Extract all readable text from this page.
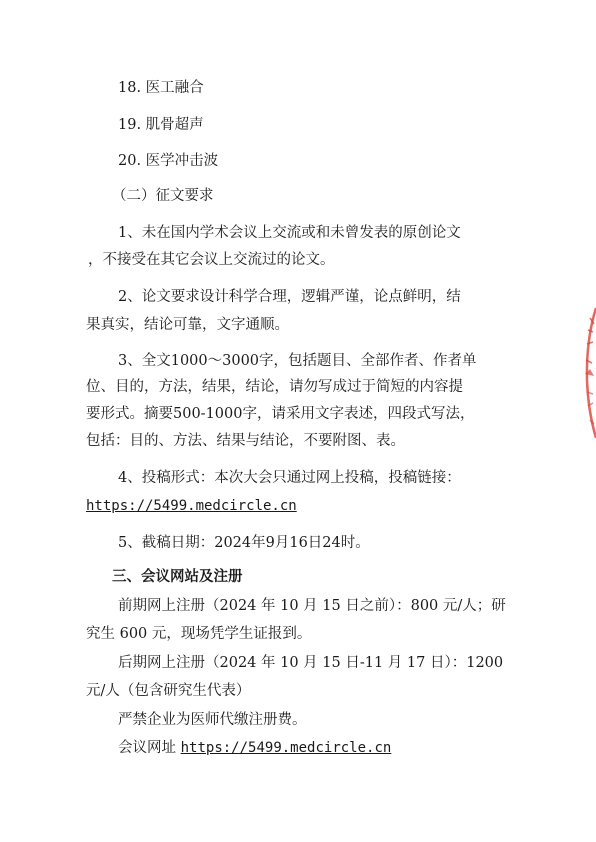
18. 医工融合
19. 肌骨超声
20. 医学冲击波
（二）征文要求
1、未在国内学术会议上交流或和未曾发表的原创论文
，不接受在其它会议上交流过的论文。
2、论文要求设计科学合理，逻辑严谨，论点鲜明，结
果真实，结论可靠，文字通顺。
3、全文1000～3000字，包括题目、全部作者、作者单
位、目的，方法，结果，结论，请勿写成过于简短的内容提
要形式。摘要500-1000字，请采用文字表述，四段式写法，
包括：目的、方法、结果与结论，不要附图、表。
4、投稿形式：本次大会只通过网上投稿，投稿链接：
https://5499.medcircle.cn
5、截稿日期：2024年9月16日24时。
三、会议网站及注册
前期网上注册（2024 年 10 月 15 日之前）：800 元/人；研
究生 600 元，现场凭学生证报到。
后期网上注册（2024 年 10 月 15 日-11 月 17 日）：1200
元/人（包含研究生代表）
严禁企业为医师代缴注册费。
会议网址 https://5499.medcircle.cn
